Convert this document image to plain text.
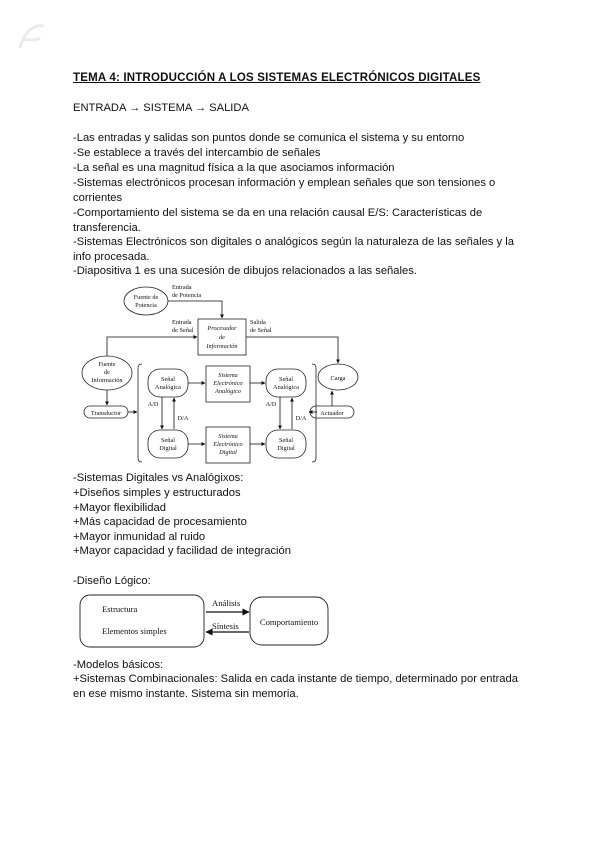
TEMA 4: INTRODUCCIÓN A LOS SISTEMAS ELECTRÓNICOS DIGITALES
ENTRADA → SISTEMA → SALIDA
-Las entradas y salidas son puntos donde se comunica el sistema y su entorno
-Se establece a través del intercambio de señales
-La señal es una magnitud física a la que asociamos información
-Sistemas electrónicos procesan información y emplean señales que son tensiones o
corrientes
-Comportamiento del sistema se da en una relación causal E/S: Características de
transferencia.
-Sistemas Electrónicos son digitales o analógicos según la naturaleza de las señales y la
info procesada.
-Diapositiva 1 es una sucesión de dibujos relacionados a las señales.
Fuente de
Potencia
Entrada
de Potencia
Entrada
de Señal
Salida
de Señal
Procesador
de
Información
Fuente
de
Información	Carga
Transductor	Actuador
Señal
Analógica
Sistema
Electrónico
Analógico
Señal
Analógica
Señal
Digital
Sistema
Electrónico
Digital
Señal
Digital
A/D
D/A
A/D
D/A
-Sistemas Digitales vs Analógixos:
+Diseños simples y estructurados
+Mayor flexibilidad
+Más capacidad de procesamiento
+Mayor inmunidad al ruido
+Mayor capacidad y facilidad de integración
-Diseño Lógico:
Estructura
Elementos simples
Análisis
Síntesis Comportamiento
-Modelos básicos:
+Sistemas Combinacionales: Salida en cada instante de tiempo, determinado por entrada
en ese mismo instante. Sistema sin memoria.
